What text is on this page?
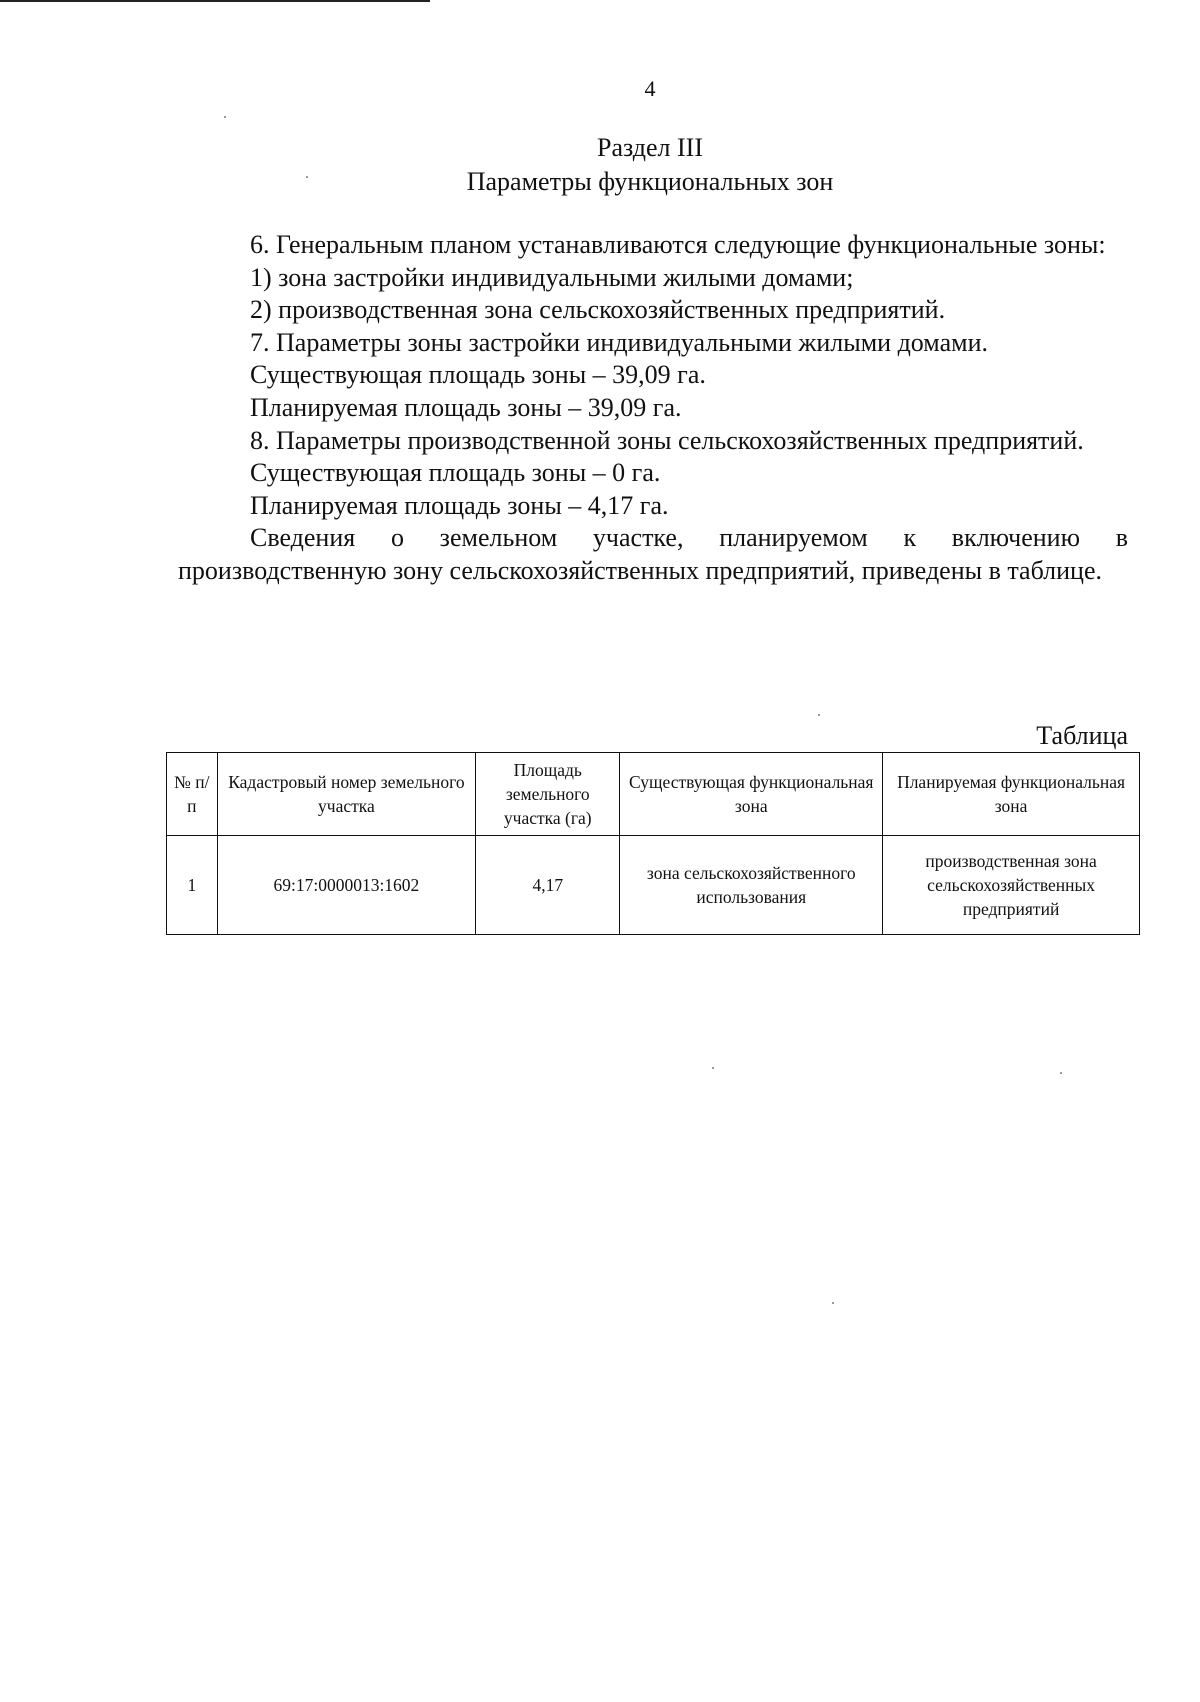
4
Раздел III
Параметры функциональных зон

6. Генеральным планом устанавливаются следующие функциональные зоны:

1) зона застройки индивидуальными жилыми домами;

2) производственная зона сельскохозяйственных предприятий.

7. Параметры зоны застройки индивидуальными жилыми домами.

Существующая площадь зоны – 39,09 га.

Планируемая площадь зоны – 39,09 га.

8. Параметры производственной зоны сельскохозяйственных предприятий.

Существующая площадь зоны – 0 га.

Планируемая площадь зоны – 4,17 га.

Сведения о земельном участке, планируемом к включению в производственную зону сельскохозяйственных предприятий, приведены в таблице.

Таблица
№ п/п	Кадастровый номер земельного участка	Площадь земельного участка (га)	Существующая функциональная зона	Планируемая функциональная зона
1	69:17:0000013:1602	4,17	зона сельскохозяйственного использования	производственная зона сельскохозяйственных предприятий
